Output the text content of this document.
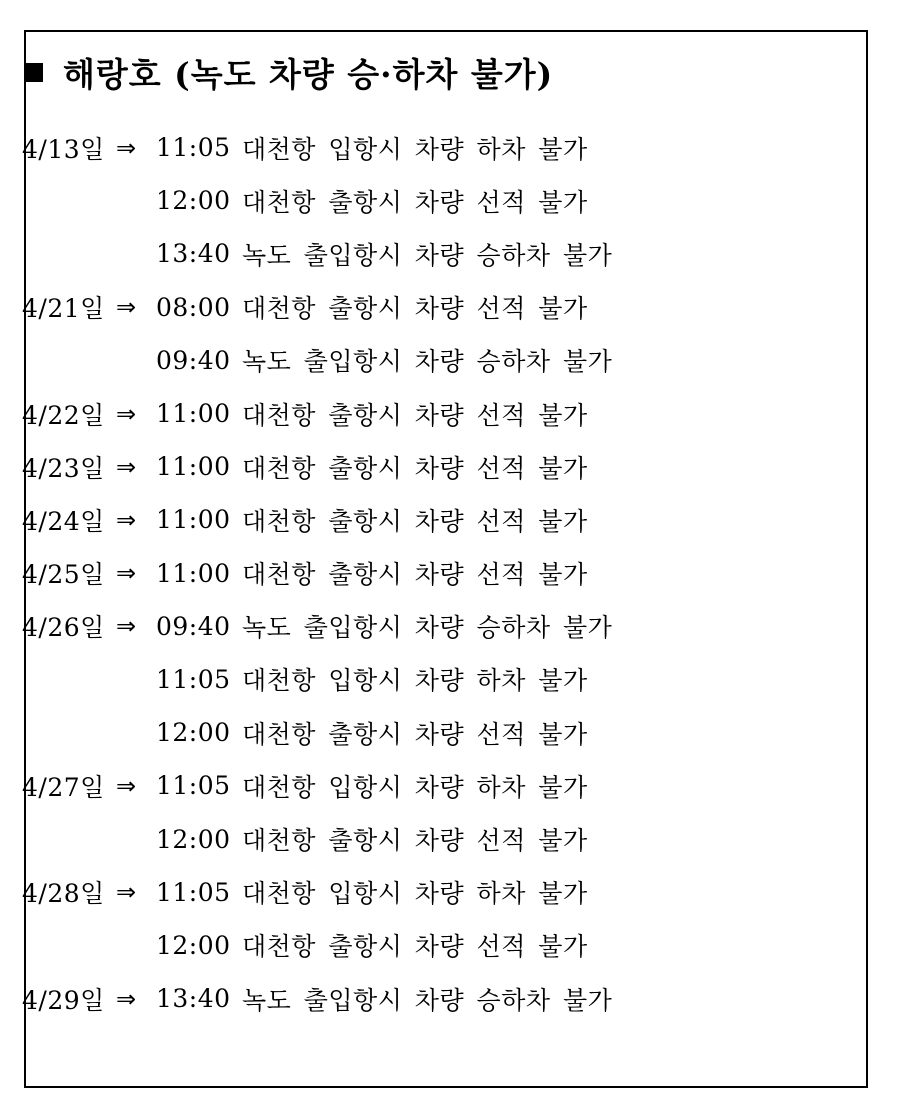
해랑호 (녹도 차량 승·하차 불가)
4/13일 ⇒ 11:05 대천항 입항시 차량 하차 불가
12:00 대천항 출항시 차량 선적 불가
13:40 녹도 출입항시 차량 승하차 불가
4/21일 ⇒ 08:00 대천항 출항시 차량 선적 불가
09:40 녹도 출입항시 차량 승하차 불가
4/22일 ⇒ 11:00 대천항 출항시 차량 선적 불가
4/23일 ⇒ 11:00 대천항 출항시 차량 선적 불가
4/24일 ⇒ 11:00 대천항 출항시 차량 선적 불가
4/25일 ⇒ 11:00 대천항 출항시 차량 선적 불가
4/26일 ⇒ 09:40 녹도 출입항시 차량 승하차 불가
11:05 대천항 입항시 차량 하차 불가
12:00 대천항 출항시 차량 선적 불가
4/27일 ⇒ 11:05 대천항 입항시 차량 하차 불가
12:00 대천항 출항시 차량 선적 불가
4/28일 ⇒ 11:05 대천항 입항시 차량 하차 불가
12:00 대천항 출항시 차량 선적 불가
4/29일 ⇒ 13:40 녹도 출입항시 차량 승하차 불가
